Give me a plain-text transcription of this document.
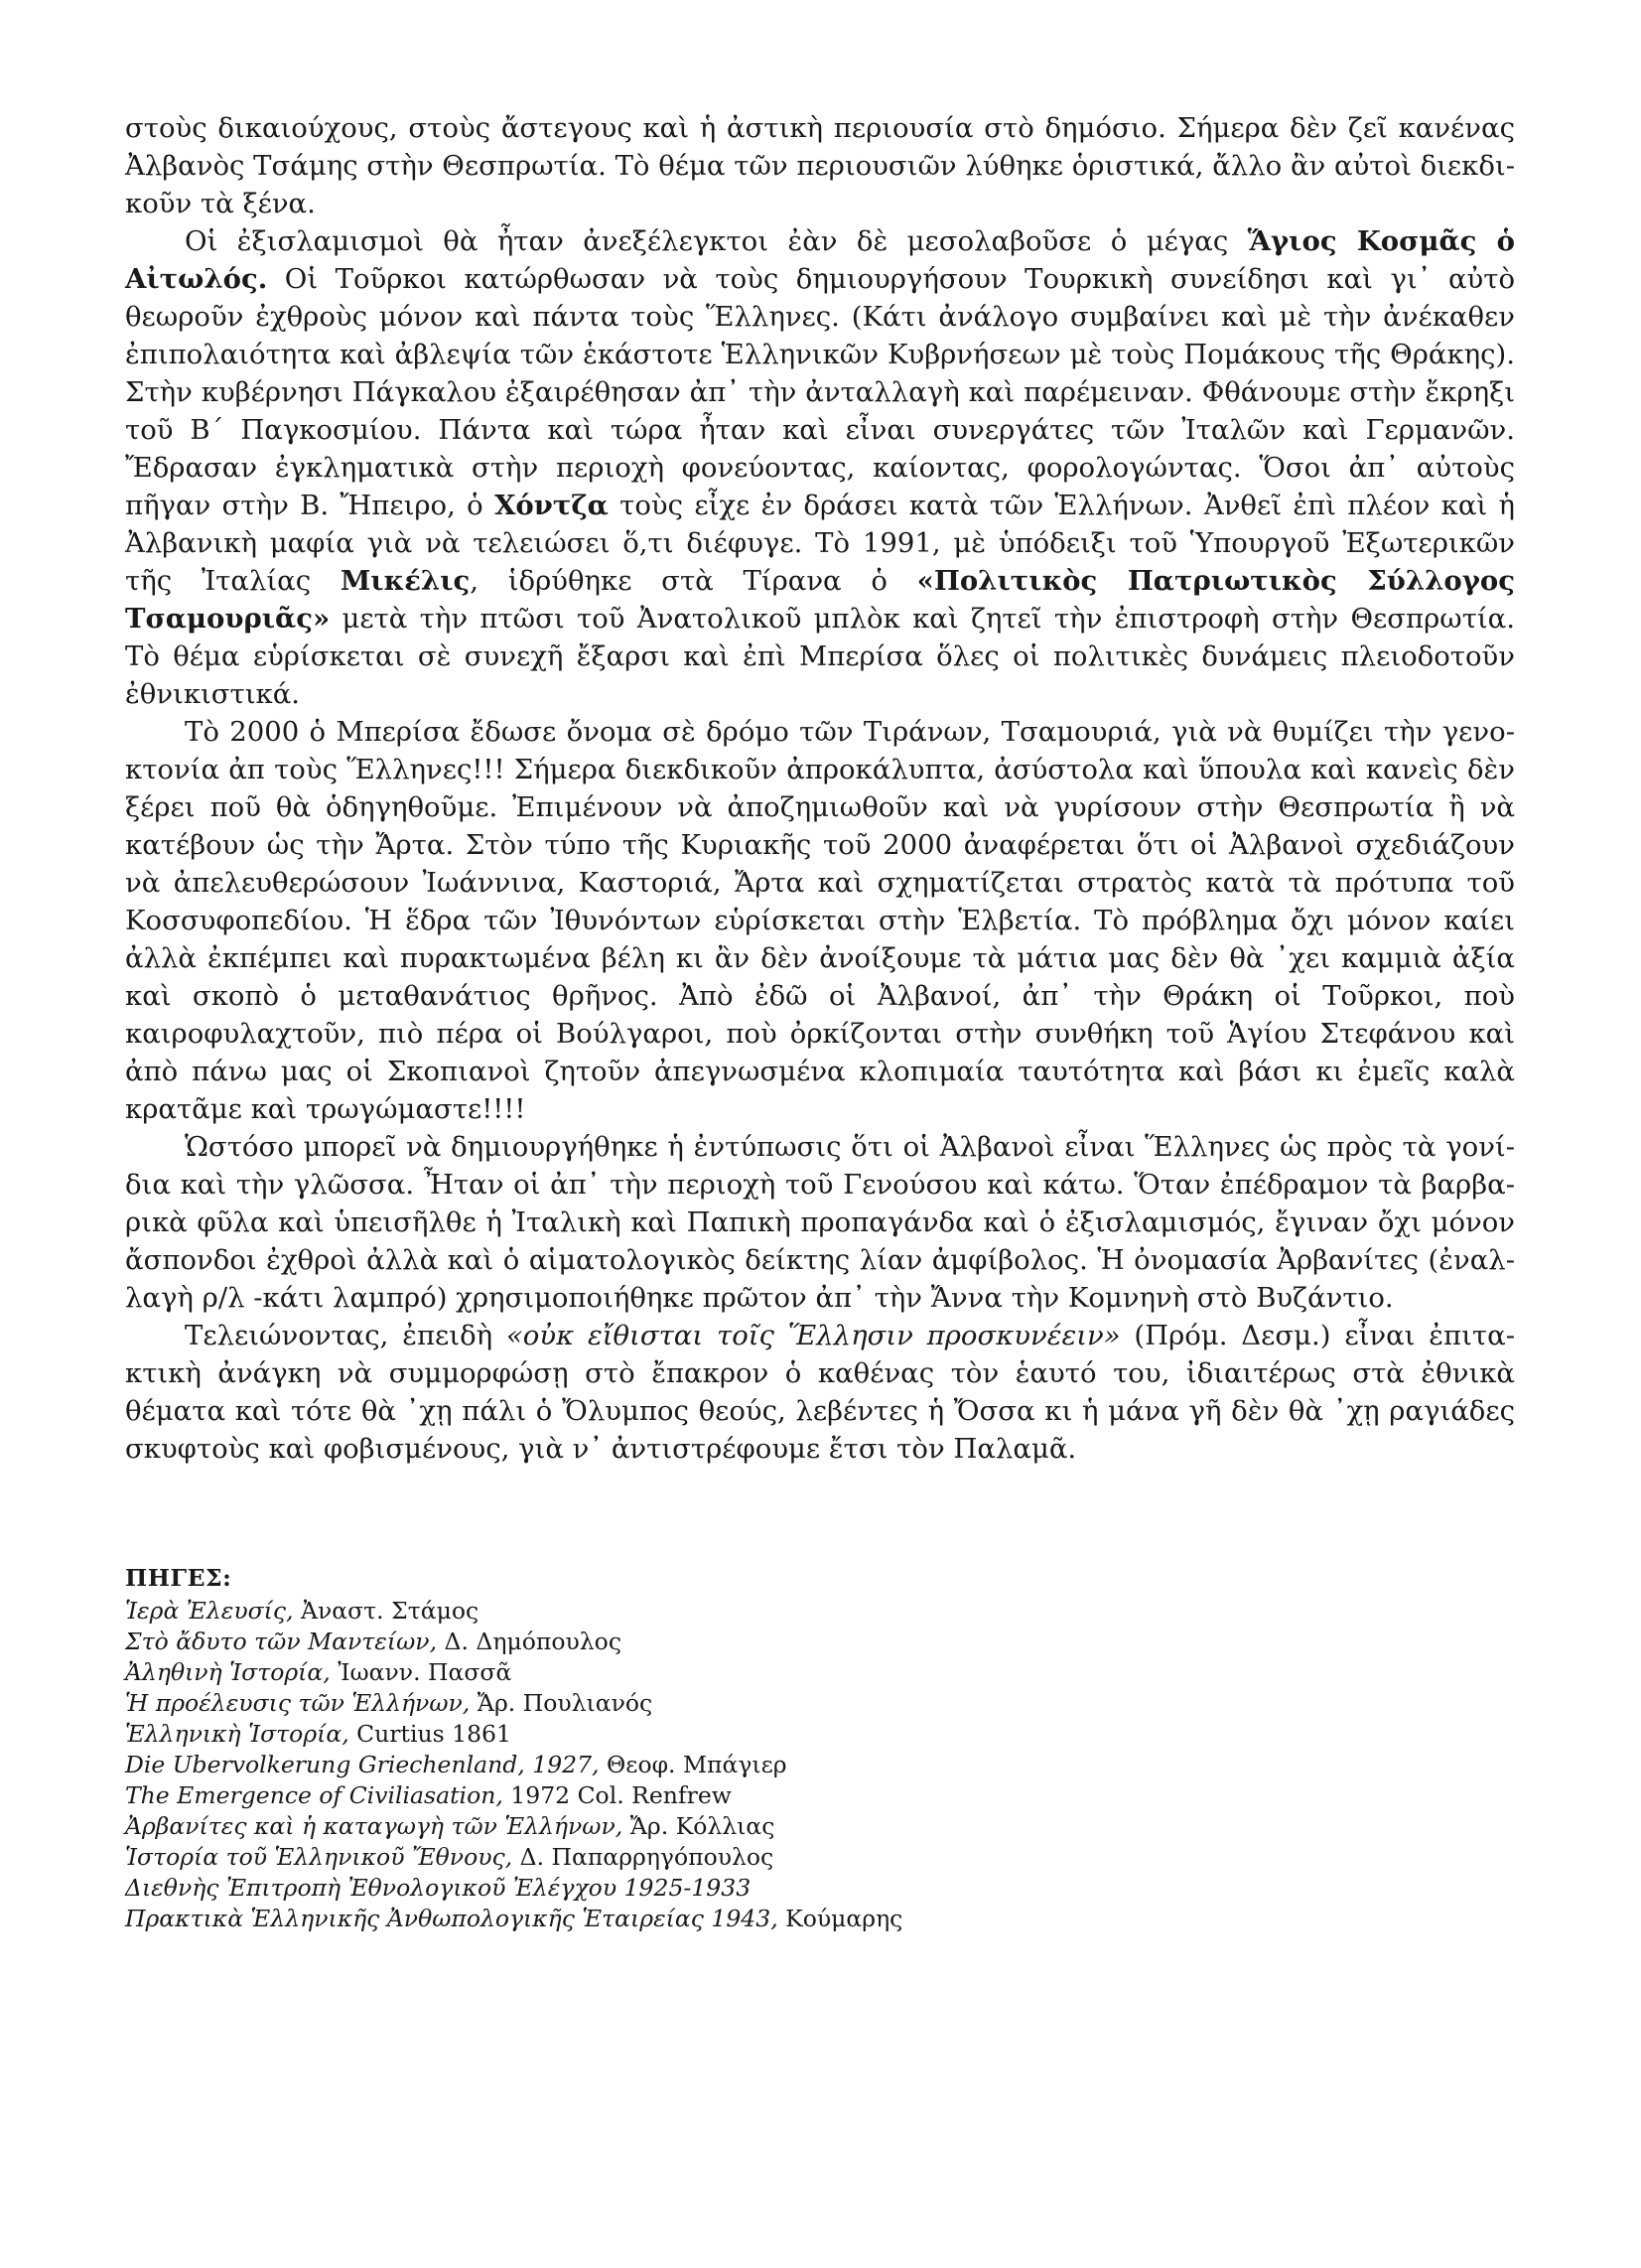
στοὺς δικαιούχους, στοὺς ἄστεγους καὶ ἡ ἀστικὴ περιουσία στὸ δημόσιο. Σήμερα δὲν ζεῖ κανένας Ἀλβανὸς Τσάμης στὴν Θεσπρωτία. Τὸ θέμα τῶν περιουσιῶν λύθηκε ὁριστικά, ἄλλο ἂν αὐτοὶ διεκδικοῦν τὰ ξένα.

Οἱ ἐξισλαμισμοὶ θὰ ἦταν ἀνεξέλεγκτοι ἐὰν δὲ μεσολαβοῦσε ὁ μέγας Ἅγιος Κοσμᾶς ὁ Αἰτωλός. Οἱ Τοῦρκοι κατώρθωσαν νὰ τοὺς δημιουργήσουν Τουρκικὴ συνείδησι καὶ γι᾽ αὐτὸ θεωροῦν ἐχθροὺς μόνον καὶ πάντα τοὺς Ἕλληνες. (Κάτι ἀνάλογο συμβαίνει καὶ μὲ τὴν ἀνέκαθεν ἐπιπολαιότητα καὶ ἀβλεψία τῶν ἑκάστοτε Ἑλληνικῶν Κυβρνήσεων μὲ τοὺς Πομάκους τῆς Θράκης). Στὴν κυβέρνησι Πάγκαλου ἐξαιρέθησαν ἀπ᾽ τὴν ἀνταλλαγὴ καὶ παρέμειναν. Φθάνουμε στὴν ἔκρηξι τοῦ Β΄ Παγκοσμίου. Πάντα καὶ τώρα ἦταν καὶ εἶναι συνεργάτες τῶν Ἰταλῶν καὶ Γερμανῶν. Ἔδρασαν ἐγκληματικὰ στὴν περιοχὴ φονεύοντας, καίοντας, φορολογώντας. Ὅσοι ἀπ᾽ αὐτοὺς πῆγαν στὴν Β. Ἤπειρο, ὁ Χόντζα τοὺς εἶχε ἐν δράσει κατὰ τῶν Ἑλλήνων. Ἀνθεῖ ἐπὶ πλέον καὶ ἡ Ἀλβανικὴ μαφία γιὰ νὰ τελειώσει ὅ,τι διέφυγε. Τὸ 1991, μὲ ὑπόδειξι τοῦ Ὑπουργοῦ Ἐξωτερικῶν τῆς Ἰταλίας Μικέλις, ἱδρύθηκε στὰ Τίρανα ὁ «Πολιτικὸς Πατριωτικὸς Σύλλογος Τσαμουριᾶς» μετὰ τὴν πτῶσι τοῦ Ἀνατολικοῦ μπλὸκ καὶ ζητεῖ τὴν ἐπιστροφὴ στὴν Θεσπρωτία. Τὸ θέμα εὑρίσκεται σὲ συνεχῆ ἔξαρσι καὶ ἐπὶ Μπερίσα ὅλες οἱ πολιτικὲς δυνάμεις πλειοδοτοῦν ἐθνικιστικά.

Τὸ 2000 ὁ Μπερίσα ἔδωσε ὄνομα σὲ δρόμο τῶν Τιράνων, Τσαμουριά, γιὰ νὰ θυμίζει τὴν γενοκτονία ἀπ τοὺς Ἕλληνες!!! Σήμερα διεκδικοῦν ἀπροκάλυπτα, ἀσύστολα καὶ ὕπουλα καὶ κανεὶς δὲν ξέρει ποῦ θὰ ὁδηγηθοῦμε. Ἐπιμένουν νὰ ἀποζημιωθοῦν καὶ νὰ γυρίσουν στὴν Θεσπρωτία ἢ νὰ κατέβουν ὡς τὴν Ἄρτα. Στὸν τύπο τῆς Κυριακῆς τοῦ 2000 ἀναφέρεται ὅτι οἱ Ἀλβανοὶ σχεδιάζουν νὰ ἀπελευθερώσουν Ἰωάννινα, Καστοριά, Ἄρτα καὶ σχηματίζεται στρατὸς κατὰ τὰ πρότυπα τοῦ Κοσσυφοπεδίου. Ἡ ἕδρα τῶν Ἰθυνόντων εὑρίσκεται στὴν Ἑλβετία. Τὸ πρόβλημα ὄχι μόνον καίει ἀλλὰ ἐκπέμπει καὶ πυρακτωμένα βέλη κι ἂν δὲν ἀνοίξουμε τὰ μάτια μας δὲν θὰ ᾽χει καμμιὰ ἀξία καὶ σκοπὸ ὁ μεταθανάτιος θρῆνος. Ἀπὸ ἐδῶ οἱ Ἀλβανοί, ἀπ᾽ τὴν Θράκη οἱ Τοῦρκοι, ποὺ καιροφυλαχτοῦν, πιὸ πέρα οἱ Βούλγαροι, ποὺ ὀρκίζονται στὴν συνθήκη τοῦ Ἁγίου Στεφάνου καὶ ἀπὸ πάνω μας οἱ Σκοπιανοὶ ζητοῦν ἀπεγνωσμένα κλοπιμαία ταυτότητα καὶ βάσι κι ἐμεῖς καλὰ κρατᾶμε καὶ τρωγώμαστε!!!!

Ὡστόσο μπορεῖ νὰ δημιουργήθηκε ἡ ἐντύπωσις ὅτι οἱ Ἀλβανοὶ εἶναι Ἕλληνες ὡς πρὸς τὰ γονίδια καὶ τὴν γλῶσσα. Ἦταν οἱ ἀπ᾽ τὴν περιοχὴ τοῦ Γενούσου καὶ κάτω. Ὅταν ἐπέδραμον τὰ βαρβαρικὰ φῦλα καὶ ὑπεισῆλθε ἡ Ἰταλικὴ καὶ Παπικὴ προπαγάνδα καὶ ὁ ἐξισλαμισμός, ἔγιναν ὄχι μόνον ἄσπονδοι ἐχθροὶ ἀλλὰ καὶ ὁ αἱματολογικὸς δείκτης λίαν ἀμφίβολος. Ἡ ὀνομασία Ἀρβανίτες (ἐναλλαγὴ ρ/λ -κάτι λαμπρό) χρησιμοποιήθηκε πρῶτον ἀπ᾽ τὴν Ἄννα τὴν Κομνηνὴ στὸ Βυζάντιο.

Τελειώνοντας, ἐπειδὴ «οὐκ εἴθισται τοῖς Ἕλλησιν προσκυνέειν» (Πρόμ. Δεσμ.) εἶναι ἐπιτακτικὴ ἀνάγκη νὰ συμμορφώσῃ στὸ ἔπακρον ὁ καθένας τὸν ἑαυτό του, ἰδιαιτέρως στὰ ἐθνικὰ θέματα καὶ τότε θὰ ᾽χῃ πάλι ὁ Ὄλυμπος θεούς, λεβέντες ἡ Ὄσσα κι ἡ μάνα γῆ δὲν θὰ ᾽χῃ ραγιάδες σκυφτοὺς καὶ φοβισμένους, γιὰ ν᾽ ἀντιστρέφουμε ἔτσι τὸν Παλαμᾶ.

ΠΗΓΕΣ:
Ἱερὰ Ἐλευσίς, Ἀναστ. Στάμος
Στὸ ἄδυτο τῶν Μαντείων, Δ. Δημόπουλος
Ἀληθινὴ Ἱστορία, Ἰωανν. Πασσᾶ
Ἡ προέλευσις τῶν Ἑλλήνων, Ἄρ. Πουλιανός
Ἑλληνικὴ Ἱστορία, Curtius 1861
Die Ubervolkerung Griechenland, 1927, Θεοφ. Μπάγιερ
The Emergence of Civiliasation, 1972 Col. Renfrew
Ἀρβανίτες καὶ ἡ καταγωγὴ τῶν Ἑλλήνων, Ἄρ. Κόλλιας
Ἱστορία τοῦ Ἑλληνικοῦ Ἔθνους, Δ. Παπαρρηγόπουλος
Διεθνὴς Ἐπιτροπὴ Ἐθνολογικοῦ Ἐλέγχου 1925-1933
Πρακτικὰ Ἑλληνικῆς Ἀνθωπολογικῆς Ἑταιρείας 1943, Κούμαρης
